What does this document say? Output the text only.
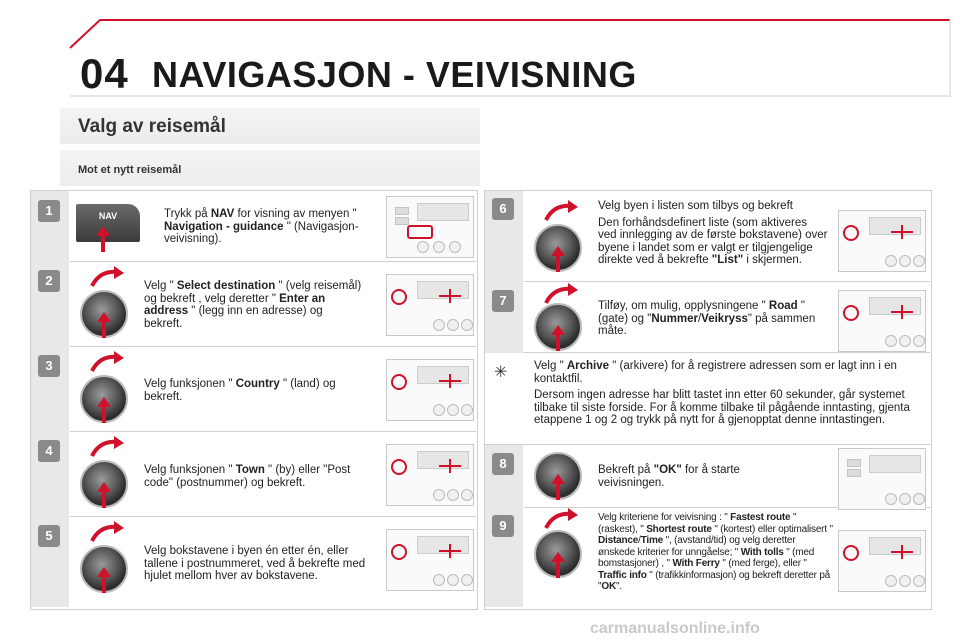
04 NAVIGASJON - VEIVISNING
Valg av reisemål
Mot et nytt reisemål
1
2
3
4
5
NAV	Trykk på NAV for visning av menyen " Navigation - guidance " (Navigasjon-veivisning).
Velg " Select destination " (velg reisemål) og bekreft , velg deretter " Enter an address " (legg inn en adresse) og bekreft.
Velg funksjonen " Country " (land) og bekreft.
Velg funksjonen " Town " (by) eller "Post code" (postnummer) og bekreft.
Velg bokstavene i byen én etter én, eller tallene i postnummeret, ved å bekrefte med hjulet mellom hver av bokstavene.
6
7
8
9
✳
Velg byen i listen som tilbys og bekreft
Den forhåndsdefinert liste (som aktiveres ved innlegging av de første bokstavene) over byene i landet som er valgt er tilgjengelige direkte ved å bekrefte "List" i skjermen.
Tilføy, om mulig, opplysningene " Road " (gate) og "Nummer/Veikryss" på sammen måte.
Velg " Archive " (arkivere) for å registrere adressen som er lagt inn i en kontaktfil.
Dersom ingen adresse har blitt tastet inn etter 60 sekunder, går systemet tilbake til siste forside. For å komme tilbake til pågående inntasting, gjenta etappene 1 og 2 og trykk på nytt for å gjenopptat denne inntastingen.
Bekreft på "OK" for å starte veivisningen.
Velg kriteriene for veivisning : " Fastest route " (raskest), " Shortest route " (kortest) eller optimalisert " Distance/Time ", (avstand/tid) og velg deretter ønskede kriterier for unngåelse; " With tolls " (med bomstasjoner) , " With Ferry " (med ferge), eller " Traffic info " (trafikkinformasjon) og bekreft deretter på "OK".
carmanualsonline.info
